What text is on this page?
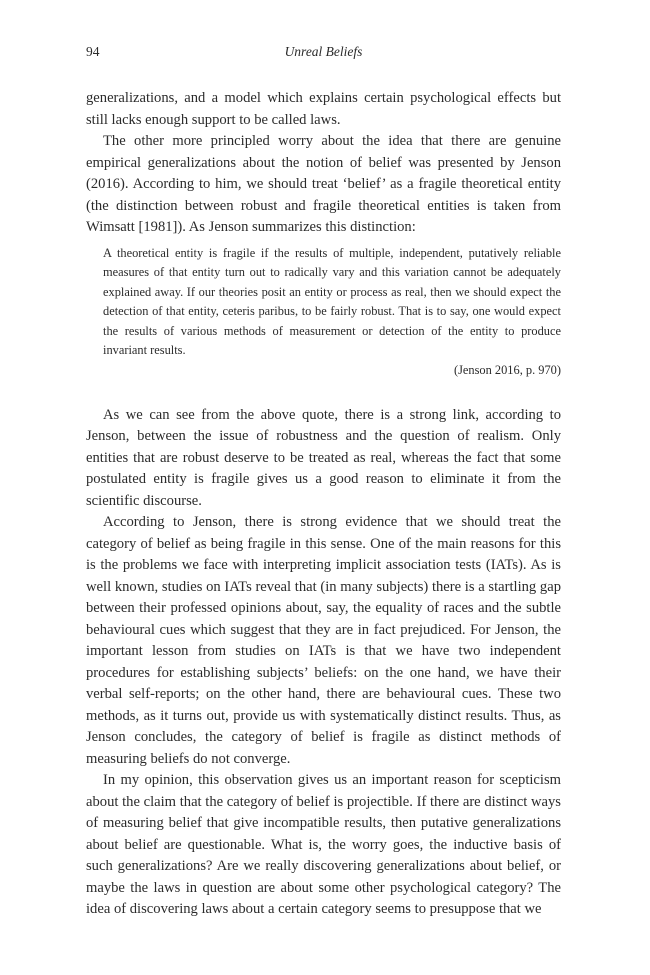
94	Unreal Beliefs

generalizations, and a model which explains certain psychological effects but still lacks enough support to be called laws.

The other more principled worry about the idea that there are genuine empirical generalizations about the notion of belief was presented by Jenson (2016). According to him, we should treat ‘belief’ as a fragile theoretical entity (the distinction between robust and fragile theoretical entities is taken from Wimsatt [1981]). As Jenson summarizes this distinction:

A theoretical entity is fragile if the results of multiple, independent, putatively reliable measures of that entity turn out to radically vary and this variation cannot be adequately explained away. If our theories posit an entity or process as real, then we should expect the detection of that entity, ceteris paribus, to be fairly robust. That is to say, one would expect the results of various methods of measurement or detection of the entity to produce invariant results.

(Jenson 2016, p. 970)

As we can see from the above quote, there is a strong link, according to Jenson, between the issue of robustness and the question of realism. Only entities that are robust deserve to be treated as real, whereas the fact that some postulated entity is fragile gives us a good reason to eliminate it from the scientific discourse.

According to Jenson, there is strong evidence that we should treat the category of belief as being fragile in this sense. One of the main reasons for this is the problems we face with interpreting implicit association tests (IATs). As is well known, studies on IATs reveal that (in many subjects) there is a startling gap between their professed opinions about, say, the equality of races and the subtle behavioural cues which suggest that they are in fact prejudiced. For Jenson, the important lesson from studies on IATs is that we have two independent procedures for establishing subjects’ beliefs: on the one hand, we have their verbal self-reports; on the other hand, there are behavioural cues. These two methods, as it turns out, provide us with systematically distinct results. Thus, as Jenson concludes, the category of belief is fragile as distinct methods of measuring beliefs do not converge.

In my opinion, this observation gives us an important reason for scepticism about the claim that the category of belief is projectible. If there are distinct ways of measuring belief that give incompatible results, then putative generalizations about belief are questionable. What is, the worry goes, the inductive basis of such generalizations? Are we really discovering generalizations about belief, or maybe the laws in question are about some other psychological category? The idea of discovering laws about a certain category seems to presuppose that we
